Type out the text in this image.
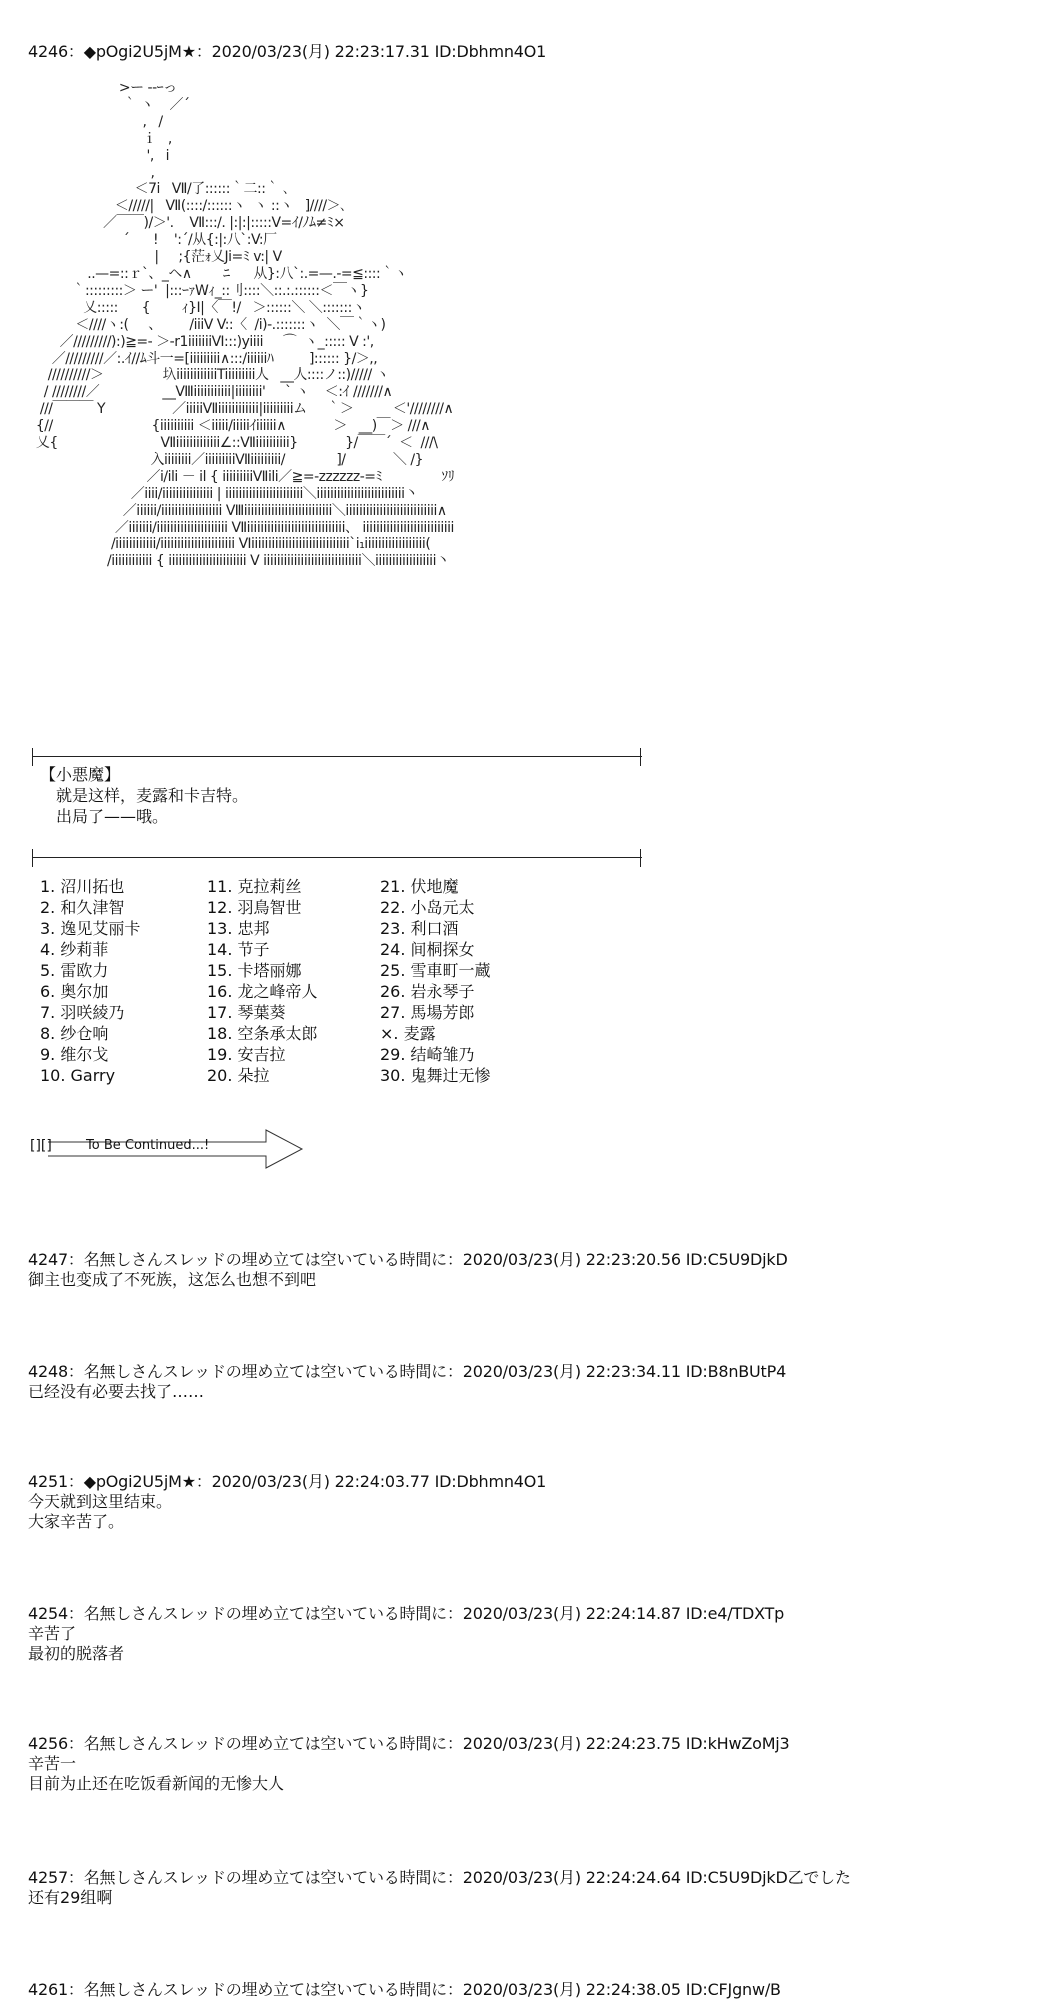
4246：◆pOgi2U5jM★：2020/03/23(月) 22:23:17.31 ID:Dbhmn4O1
>ー --ｰっ
｀ ヽ    ／´
,   /
ｉ   ,
',   i
,
＜7i   Ⅶ/了::::::｀二::｀ ､
＜/////|   Ⅶ(::::/::::::ヽ  ヽ ::ヽ   ]////＞､
／￣￣)/＞'.    Ⅶ:::/. |:|:|:::::V=ｲ/ﾉﾑ≠ﾐ×
´      !    ':´/从{:|:八`:V:厂
|     ;{茫ｫ乂Ji=ﾐ v:| V
..—=::ｒ`、_ヘ∧        ﾆ      从}:八`:.=—.-=≦::::｀ヽ
｀:::::::::＞ ー'  |:::ｰｧWｨ_::刂::::＼::.:.::::::＜￣ヽ}
乂:::::      {        ｨ}I|〈￣!/   ＞::::::＼ ＼:::::::ヽ
＜////ヽ:(     、       /iiiV V::〈  /i)-.:::::::ヽ  ＼￣｀ヽ)
／/////////):)≧=- ＞-r1iiiiiiiⅥ:::)yiiii     ⌒  ヽ_::::: V :',
／/////////／:.ｲ//ﾑ斗一=[iiiiiiiii∧:::/iiiiiiﾊ         ]:::::: }/＞,,
//////////＞               圦iiiiiiiiiiiiTiiiiiiiii人   __人::::ノ::)///// ヽ
/ ////////／                __Ⅷiiiiiiiiiii|iiiiiiii'     ` ヽ    ＜:ｲ ///////∧
///￣￣￣ Y                 ／iiiiiⅦiiiiiiiiiiii|iiiiiiiiiム     ｀＞          ＜'////////∧
{//                         {iiiiiiiiii ＜iiiii/iiiiiｲiiiiii∧            ＞   __)￣＞ ///∧
乂{                          Ⅶiiiiiiiiiiiii∠::Ⅶiiiiiiiiii}            }/￣￣´  ＜  ///\
入iiiiiiii／iiiiiiiiiⅦiiiiiiiii/             ]/            ＼ /}
／i/ili － il { iiiiiiiiiⅦili／≧=-zzzzzz-=ﾐ               ｿﾘ
／iiii/iiiiiiiiiiiiiii | iiiiiiiiiiiiiiiiiiiiiii＼iiiiiiiiiiiiiiiiiiiiiiiiii丶
／iiiiii/iiiiiiiiiiiiiiiiii Ⅷiiiiiiiiiiiiiiiiiiiiiiiiii＼iiiiiiiiiiiiiiiiiiiiiiiiiii∧
／iiiiiii/iiiiiiiiiiiiiiiiiiiii Ⅶiiiiiiiiiiiiiiiiiiiiiiiiiiiii、 iiiiiiiiiiiiiiiiiiiiiiiiiii
/iiiiiiiiiiii/iiiiiiiiiiiiiiiiiiiiii Ⅵiiiiiiiiiiiiiiiiiiiiiiiiiiiii`i₁iiiiiiiiiiiiiiiiii(
/iiiiiiiiiiii { iiiiiiiiiiiiiiiiiiiiiii V iiiiiiiiiiiiiiiiiiiiiiiiiiiii＼iiiiiiiiiiiiiiiiii丶
【小悪魔】
就是这样，麦露和卡吉特。
出局了——哦。
1. 沼川拓也
2. 和久津智
3. 逸见艾丽卡
4. 纱莉菲
5. 雷欧力
6. 奥尔加
7. 羽咲綾乃
8. 纱仓响
9. 维尔戈
10. Garry
11. 克拉莉丝
12. 羽鳥智世
13. 忠邦
14. 节子
15. 卡塔丽娜
16. 龙之峰帝人
17. 琴葉葵
18. 空条承太郎
19. 安吉拉
20. 朵拉
21. 伏地魔
22. 小岛元太
23. 利口酒
24. 间桐探女
25. 雪車町一蔵
26. 岩永琴子
27. 馬場芳郎
×. 麦露
29. 结崎雏乃
30. 鬼舞辻无惨
[][]	To Be Continued...!
4247：名無しさんスレッドの埋め立ては空いている時間に：2020/03/23(月) 22:23:20.56 ID:C5U9DjkD
御主也变成了不死族，这怎么也想不到吧
4248：名無しさんスレッドの埋め立ては空いている時間に：2020/03/23(月) 22:23:34.11 ID:B8nBUtP4
已经没有必要去找了……
4251：◆pOgi2U5jM★：2020/03/23(月) 22:24:03.77 ID:Dbhmn4O1
今天就到这里结束。
大家辛苦了。
4254：名無しさんスレッドの埋め立ては空いている時間に：2020/03/23(月) 22:24:14.87 ID:e4/TDXTp
辛苦了
最初的脱落者
4256：名無しさんスレッドの埋め立ては空いている時間に：2020/03/23(月) 22:24:23.75 ID:kHwZoMj3
辛苦一
目前为止还在吃饭看新闻的无惨大人
4257：名無しさんスレッドの埋め立ては空いている時間に：2020/03/23(月) 22:24:24.64 ID:C5U9DjkD乙でした
还有29组啊
4261：名無しさんスレッドの埋め立ては空いている時間に：2020/03/23(月) 22:24:38.05 ID:CFJgnw/B
